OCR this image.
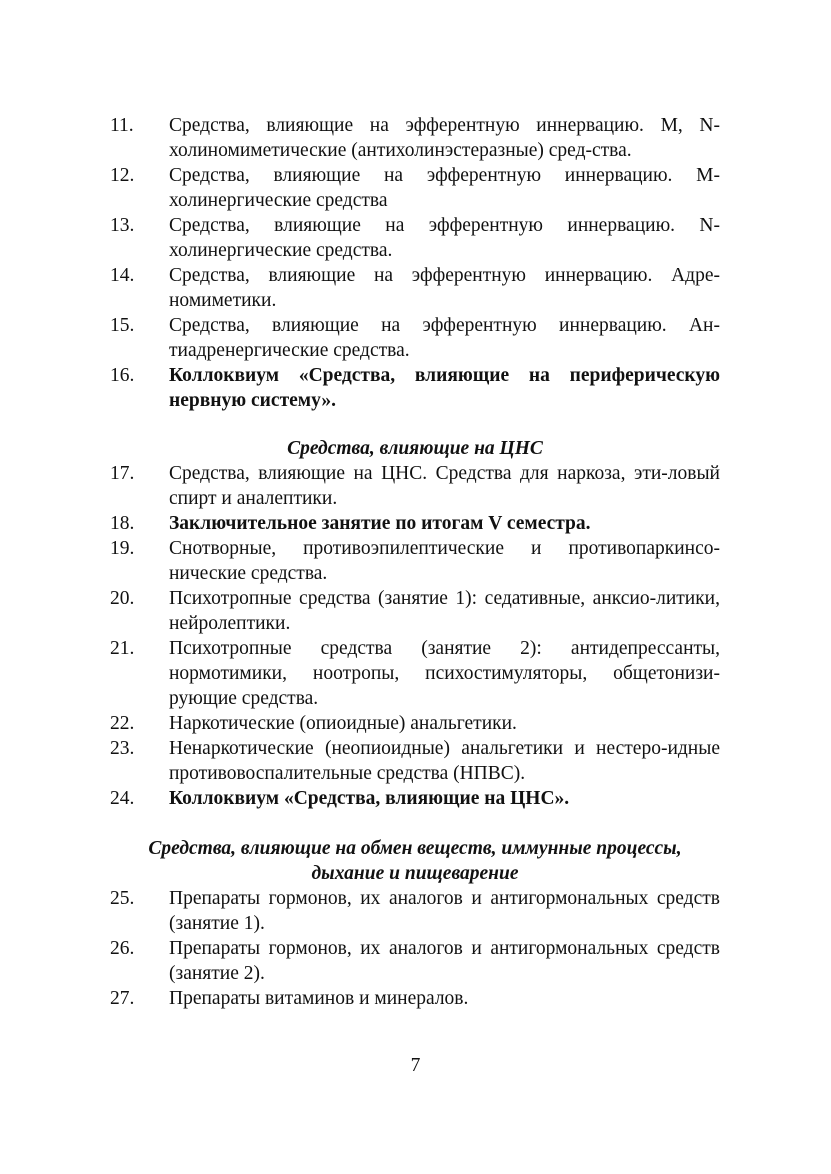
11.	Средства, влияющие на эфферентную иннервацию. М, N-холиномиметические (антихолинэстеразные) сред-ства.
12.	Средства, влияющие на эфферентную иннервацию. М-холинергические средства
13.	Средства, влияющие на эфферентную иннервацию. N-холинергические средства.
14.	Средства, влияющие на эфферентную иннервацию. Адре-номиметики.
15.	Средства, влияющие на эфферентную иннервацию. Ан-тиадренергические средства.
16.	Коллоквиум «Средства, влияющие на периферическую нервную систему».
Средства, влияющие на ЦНС
17.	Средства, влияющие на ЦНС. Средства для наркоза, эти-ловый спирт и аналептики.
18.	Заключительное занятие по итогам V семестра.
19.	Снотворные, противоэпилептические и противопаркинсо-нические средства.
20.	Психотропные средства (занятие 1): седативные, анксио-литики, нейролептики.
21.	Психотропные средства (занятие 2): антидепрессанты, нормотимики, ноотропы, психостимуляторы, общетонизи-рующие средства.
22.	Наркотические (опиоидные) анальгетики.
23.	Ненаркотические (неопиоидные) анальгетики и нестеро-идные противовоспалительные средства (НПВС).
24.	Коллоквиум «Средства, влияющие на ЦНС».
Средства, влияющие на обмен веществ, иммунные процессы,
дыхание и пищеварение
25.	Препараты гормонов, их аналогов и антигормональных средств (занятие 1).
26.	Препараты гормонов, их аналогов и антигормональных средств (занятие 2).
27.	Препараты витаминов и минералов.
7
